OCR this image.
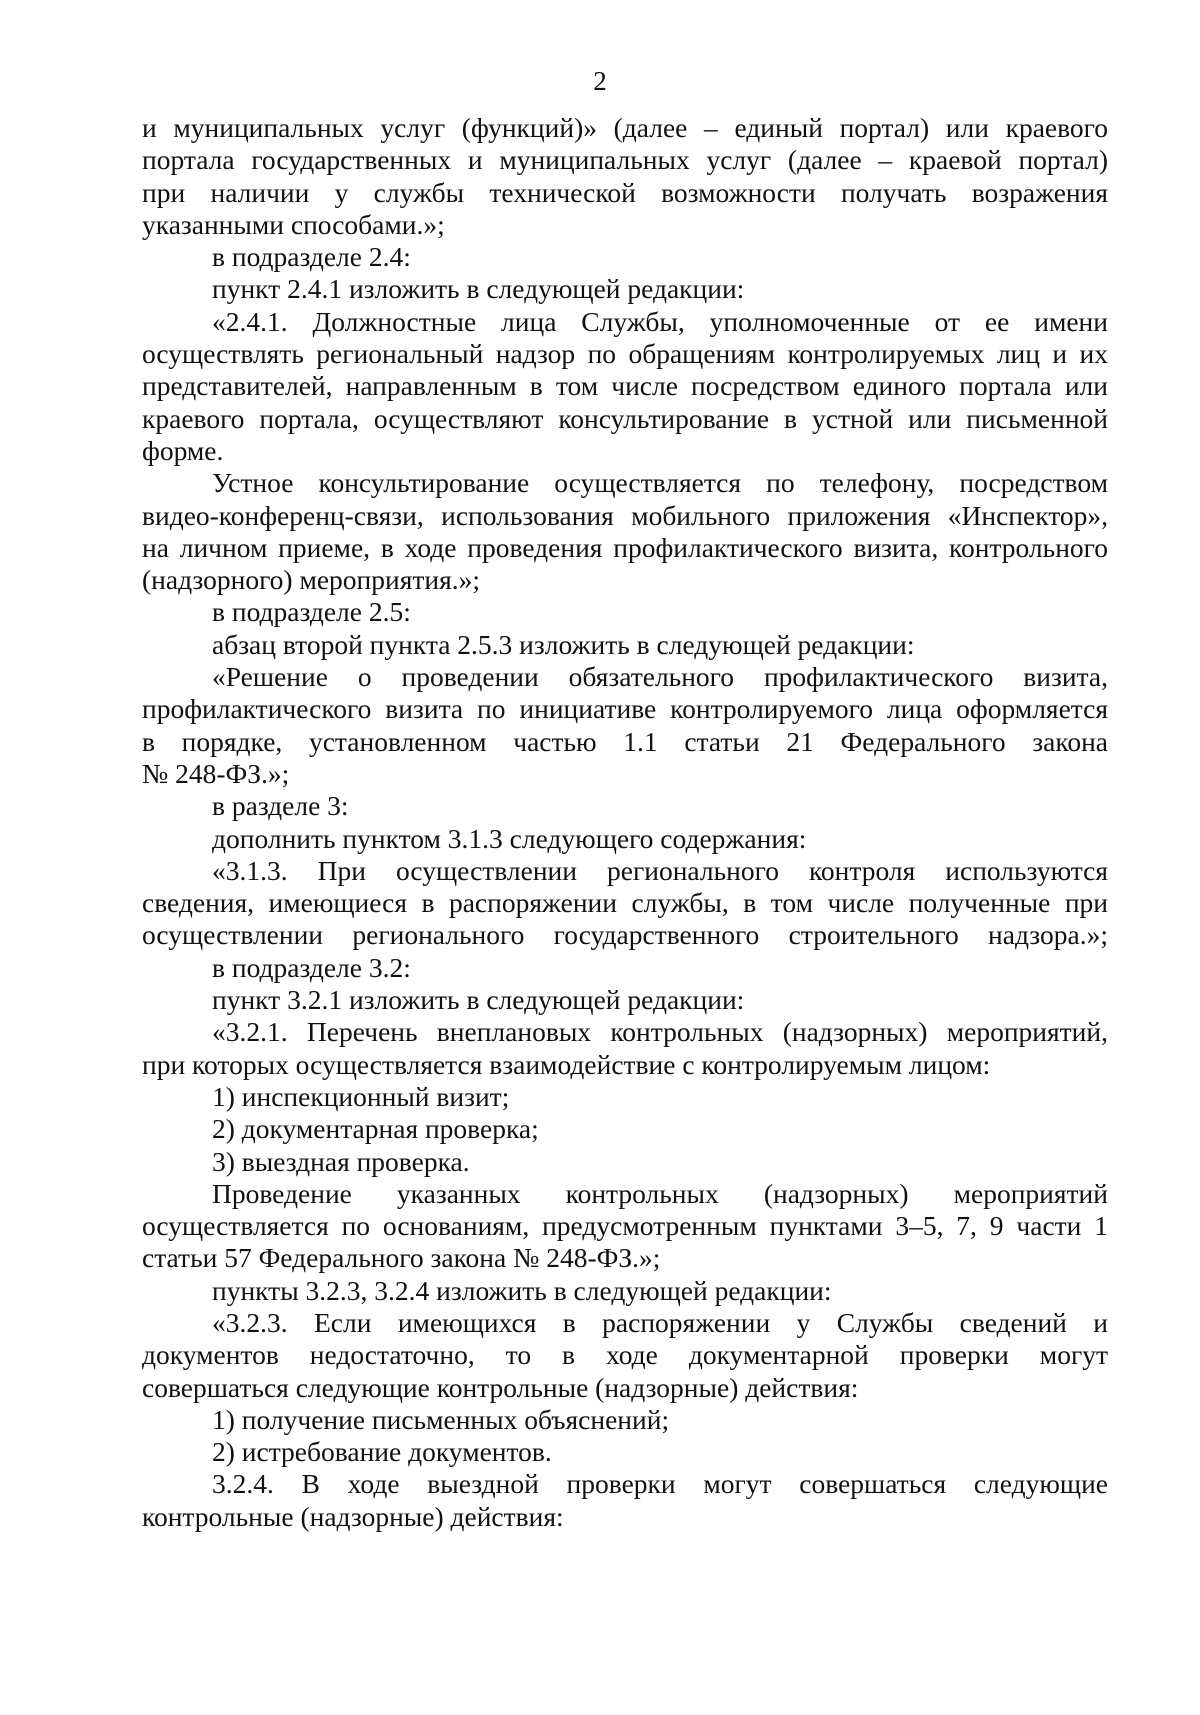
2
и муниципальных услуг (функций)» (далее – единый портал) или краевого
портала государственных и муниципальных услуг (далее – краевой портал)
при наличии у службы технической возможности получать возражения
указанными способами.»;
в подразделе 2.4:
пункт 2.4.1 изложить в следующей редакции:
«2.4.1. Должностные лица Службы, уполномоченные от ее имени
осуществлять региональный надзор по обращениям контролируемых лиц и их
представителей, направленным в том числе посредством единого портала или
краевого портала, осуществляют консультирование в устной или письменной
форме.
Устное консультирование осуществляется по телефону, посредством
видео-конференц-связи, использования мобильного приложения «Инспектор»,
на личном приеме, в ходе проведения профилактического визита, контрольного
(надзорного) мероприятия.»;
в подразделе 2.5:
абзац второй пункта 2.5.3 изложить в следующей редакции:
«Решение о проведении обязательного профилактического визита,
профилактического визита по инициативе контролируемого лица оформляется
в порядке, установленном частью 1.1 статьи 21 Федерального закона
№ 248-ФЗ.»;
в разделе 3:
дополнить пунктом 3.1.3 следующего содержания:
«3.1.3. При осуществлении регионального контроля используются
сведения, имеющиеся в распоряжении службы, в том числе полученные при
осуществлении регионального государственного строительного надзора.»;
в подразделе 3.2:
пункт 3.2.1 изложить в следующей редакции:
«3.2.1. Перечень внеплановых контрольных (надзорных) мероприятий,
при которых осуществляется взаимодействие с контролируемым лицом:
1) инспекционный визит;
2) документарная проверка;
3) выездная проверка.
Проведение указанных контрольных (надзорных) мероприятий
осуществляется по основаниям, предусмотренным пунктами 3–5, 7, 9 части 1
статьи 57 Федерального закона № 248-ФЗ.»;
пункты 3.2.3, 3.2.4 изложить в следующей редакции:
«3.2.3. Если имеющихся в распоряжении у Службы сведений и
документов недостаточно, то в ходе документарной проверки могут
совершаться следующие контрольные (надзорные) действия:
1) получение письменных объяснений;
2) истребование документов.
3.2.4. В ходе выездной проверки могут совершаться следующие
контрольные (надзорные) действия:
